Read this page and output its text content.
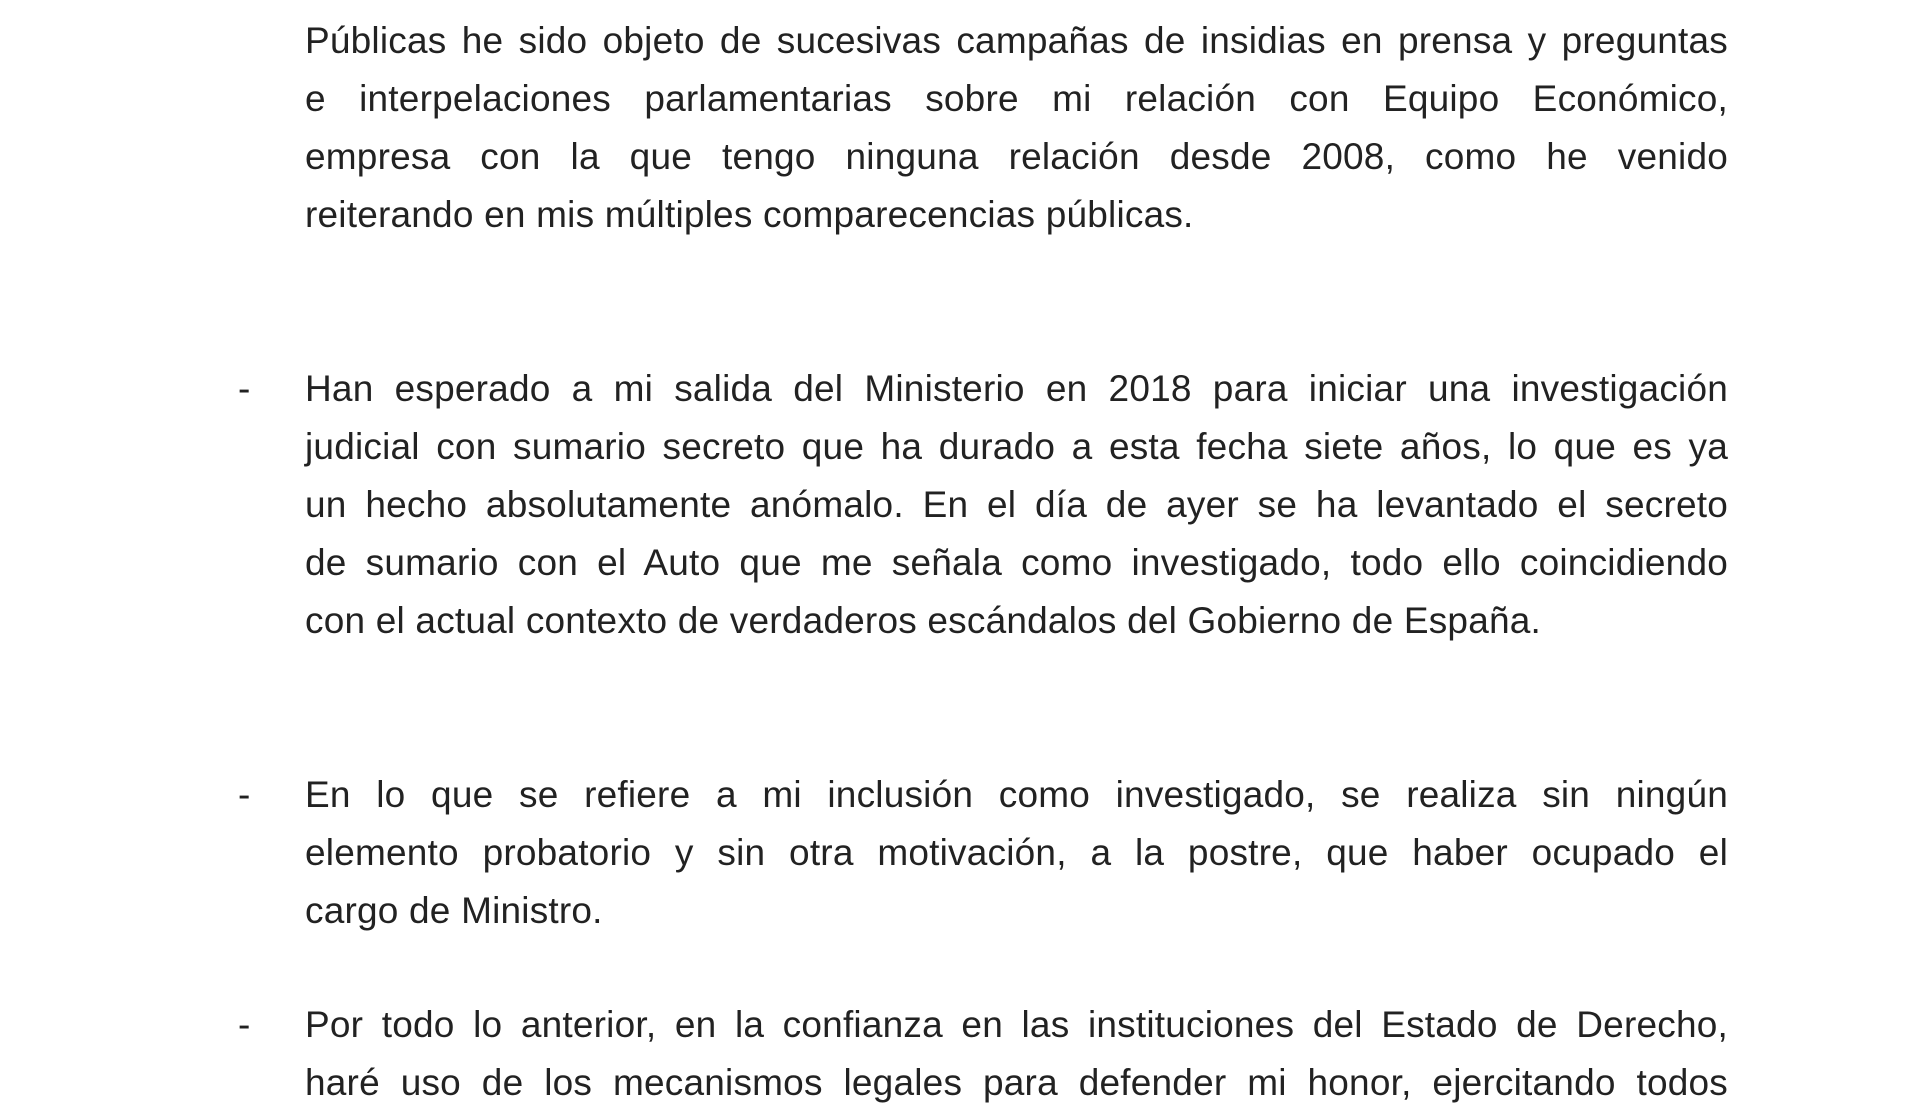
Públicas he sido objeto de sucesivas campañas de insidias en prensa y preguntas
e interpelaciones parlamentarias sobre mi relación con Equipo Económico,
empresa con la que tengo ninguna relación desde 2008, como he venido
reiterando en mis múltiples comparecencias públicas.
- Han esperado a mi salida del Ministerio en 2018 para iniciar una investigación
judicial con sumario secreto que ha durado a esta fecha siete años, lo que es ya
un hecho absolutamente anómalo. En el día de ayer se ha levantado el secreto
de sumario con el Auto que me señala como investigado, todo ello coincidiendo
con el actual contexto de verdaderos escándalos del Gobierno de España.
- En lo que se refiere a mi inclusión como investigado, se realiza sin ningún
elemento probatorio y sin otra motivación, a la postre, que haber ocupado el
cargo de Ministro.
- Por todo lo anterior, en la confianza en las instituciones del Estado de Derecho,
haré uso de los mecanismos legales para defender mi honor, ejercitando todos
